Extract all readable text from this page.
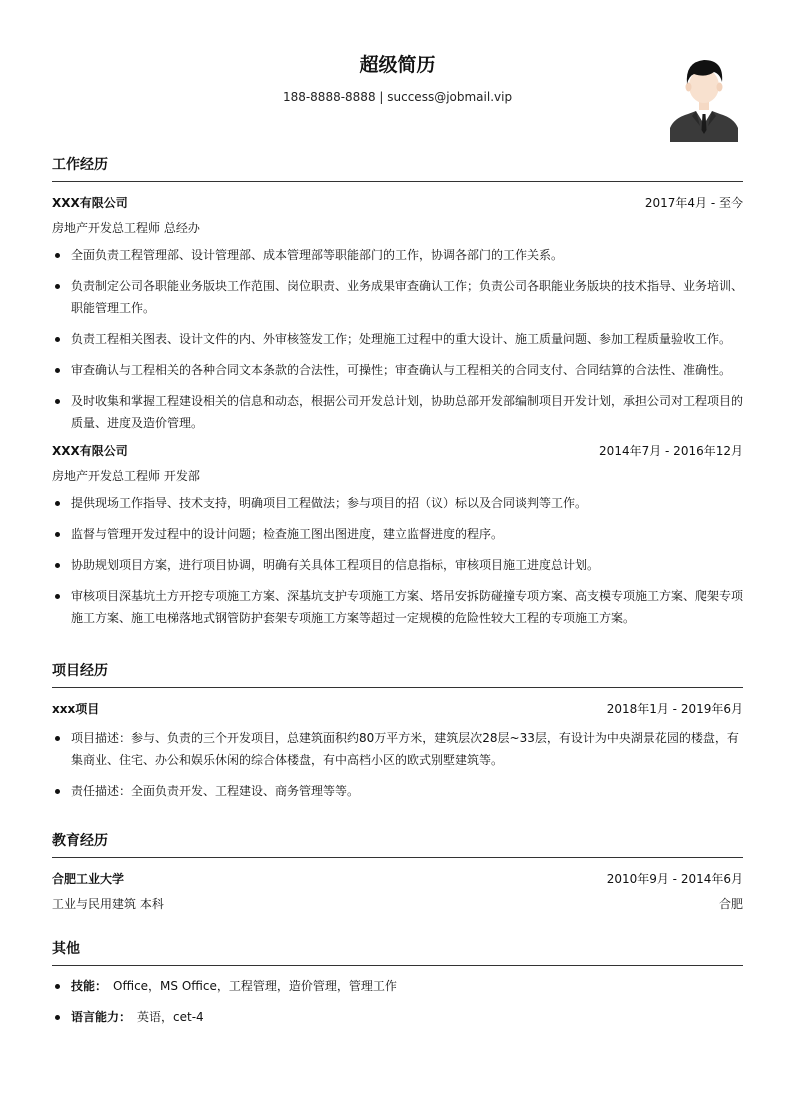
超级简历
188-8888-8888 | success@jobmail.vip
工作经历
XXX有限公司	2017年4月 - 至今
房地产开发总工程师 总经办
全面负责工程管理部、设计管理部、成本管理部等职能部门的工作，协调各部门的工作关系。
负责制定公司各职能业务版块工作范围、岗位职责、业务成果审查确认工作；负责公司各职能业务版块的技术指导、业务培训、职能管理工作。
负责工程相关图表、设计文件的内、外审核签发工作；处理施工过程中的重大设计、施工质量问题、参加工程质量验收工作。
审查确认与工程相关的各种合同文本条款的合法性，可操性；审查确认与工程相关的合同支付、合同结算的合法性、准确性。
及时收集和掌握工程建设相关的信息和动态，根据公司开发总计划，协助总部开发部编制项目开发计划，承担公司对工程项目的质量、进度及造价管理。
XXX有限公司	2014年7月 - 2016年12月
房地产开发总工程师 开发部
提供现场工作指导、技术支持，明确项目工程做法；参与项目的招（议）标以及合同谈判等工作。
监督与管理开发过程中的设计问题；检查施工图出图进度，建立监督进度的程序。
协助规划项目方案，进行项目协调，明确有关具体工程项目的信息指标，审核项目施工进度总计划。
审核项目深基坑土方开挖专项施工方案、深基坑支护专项施工方案、塔吊安拆防碰撞专项方案、高支模专项施工方案、爬架专项施工方案、施工电梯落地式钢管防护套架专项施工方案等超过一定规模的危险性较大工程的专项施工方案。
项目经历
xxx项目	2018年1月 - 2019年6月
项目描述：参与、负责的三个开发项目，总建筑面积约80万平方米，建筑层次28层~33层，有设计为中央湖景花园的楼盘，有集商业、住宅、办公和娱乐休闲的综合体楼盘，有中高档小区的欧式别墅建筑等。
责任描述：全面负责开发、工程建设、商务管理等等。
教育经历
合肥工业大学	2010年9月 - 2014年6月
工业与民用建筑 本科	合肥
其他
技能： Office，MS Office，工程管理，造价管理，管理工作
语言能力： 英语，cet-4
